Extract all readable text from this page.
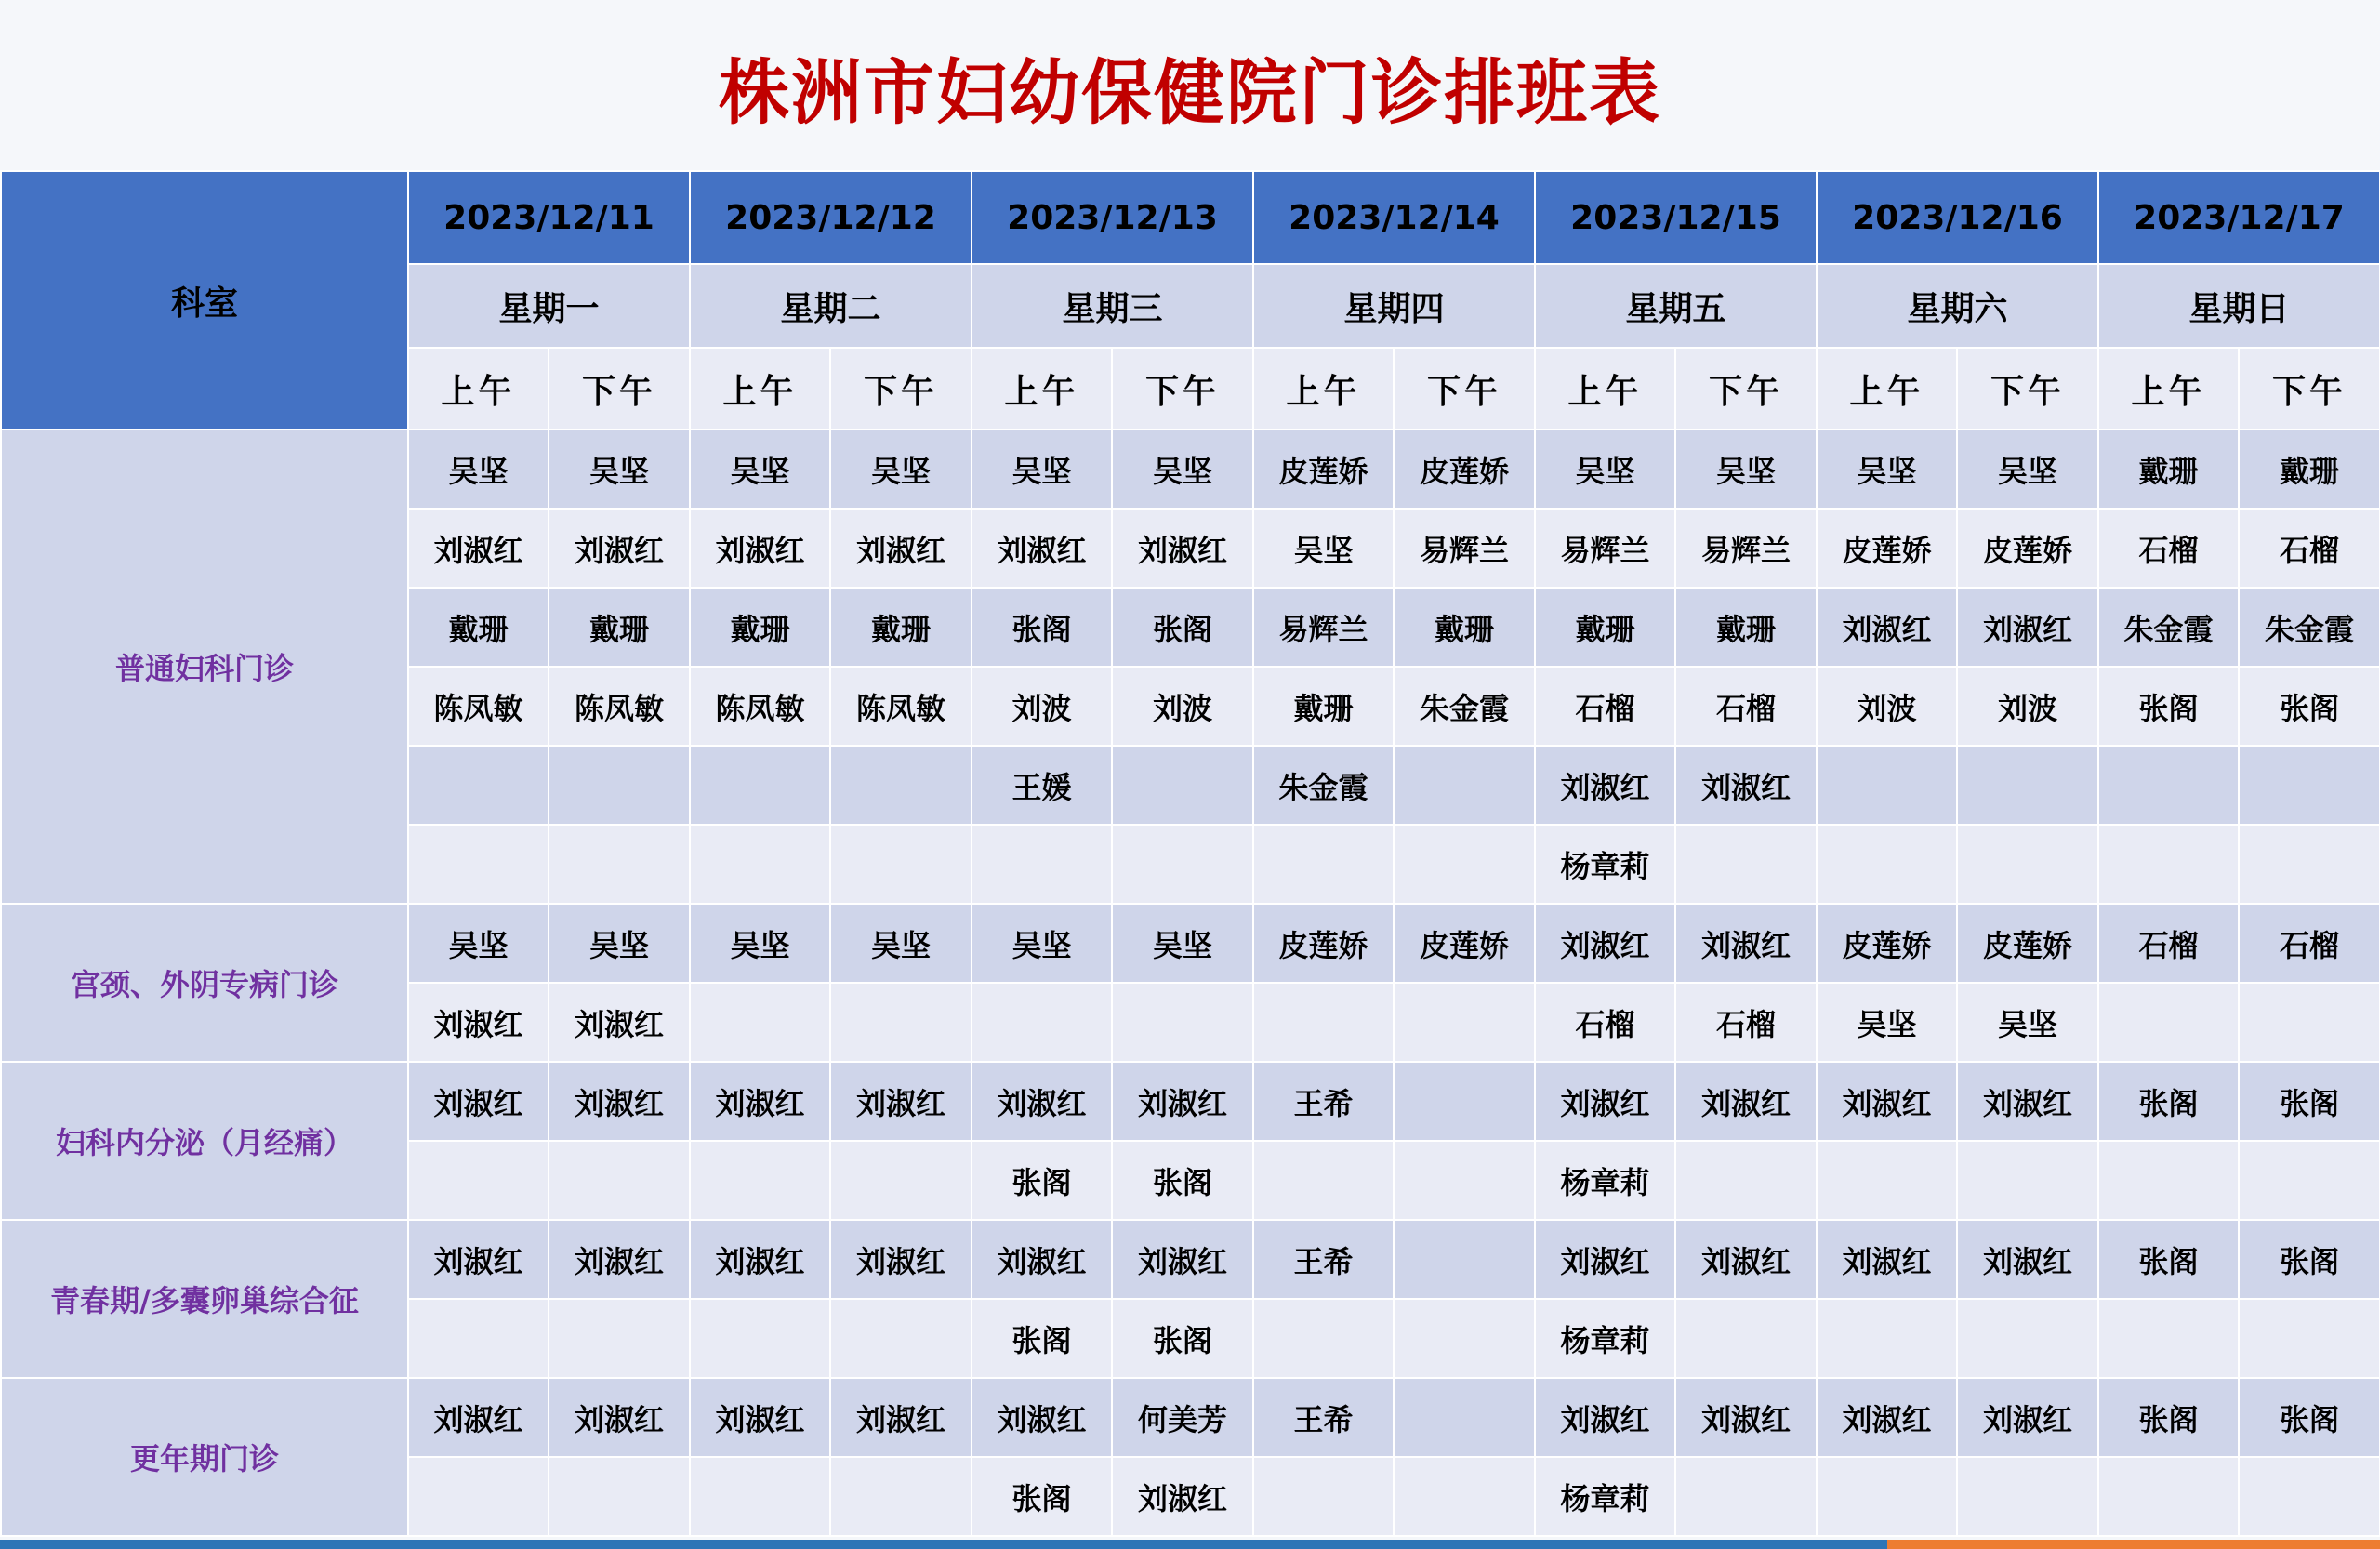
株洲市妇幼保健院门诊排班表
科室	2023/12/11		2023/12/12		2023/12/13		2023/12/14		2023/12/15		2023/12/16		2023/12/17	
	星期一		星期二		星期三		星期四		星期五		星期六		星期日	
	上午	下午	上午	下午	上午	下午	上午	下午	上午	下午	上午	下午	上午	下午
普通妇科门诊	吴坚	吴坚	吴坚	吴坚	吴坚	吴坚	皮莲娇	皮莲娇	吴坚	吴坚	吴坚	吴坚	戴珊	戴珊
	刘淑红	刘淑红	刘淑红	刘淑红	刘淑红	刘淑红	吴坚	易辉兰	易辉兰	易辉兰	皮莲娇	皮莲娇	石榴	石榴
	戴珊	戴珊	戴珊	戴珊	张阁	张阁	易辉兰	戴珊	戴珊	戴珊	刘淑红	刘淑红	朱金霞	朱金霞
	陈凤敏	陈凤敏	陈凤敏	陈凤敏	刘波	刘波	戴珊	朱金霞	石榴	石榴	刘波	刘波	张阁	张阁
					王媛		朱金霞		刘淑红	刘淑红				
									杨章莉					
宫颈、外阴专病门诊	吴坚	吴坚	吴坚	吴坚	吴坚	吴坚	皮莲娇	皮莲娇	刘淑红	刘淑红	皮莲娇	皮莲娇	石榴	石榴
	刘淑红	刘淑红							石榴	石榴	吴坚	吴坚		
妇科内分泌（月经痛）	刘淑红	刘淑红	刘淑红	刘淑红	刘淑红	刘淑红	王希		刘淑红	刘淑红	刘淑红	刘淑红	张阁	张阁
					张阁	张阁			杨章莉					
青春期/多囊卵巢综合征	刘淑红	刘淑红	刘淑红	刘淑红	刘淑红	刘淑红	王希		刘淑红	刘淑红	刘淑红	刘淑红	张阁	张阁
					张阁	张阁			杨章莉					
更年期门诊	刘淑红	刘淑红	刘淑红	刘淑红	刘淑红	何美芳	王希		刘淑红	刘淑红	刘淑红	刘淑红	张阁	张阁
					张阁	刘淑红			杨章莉					
